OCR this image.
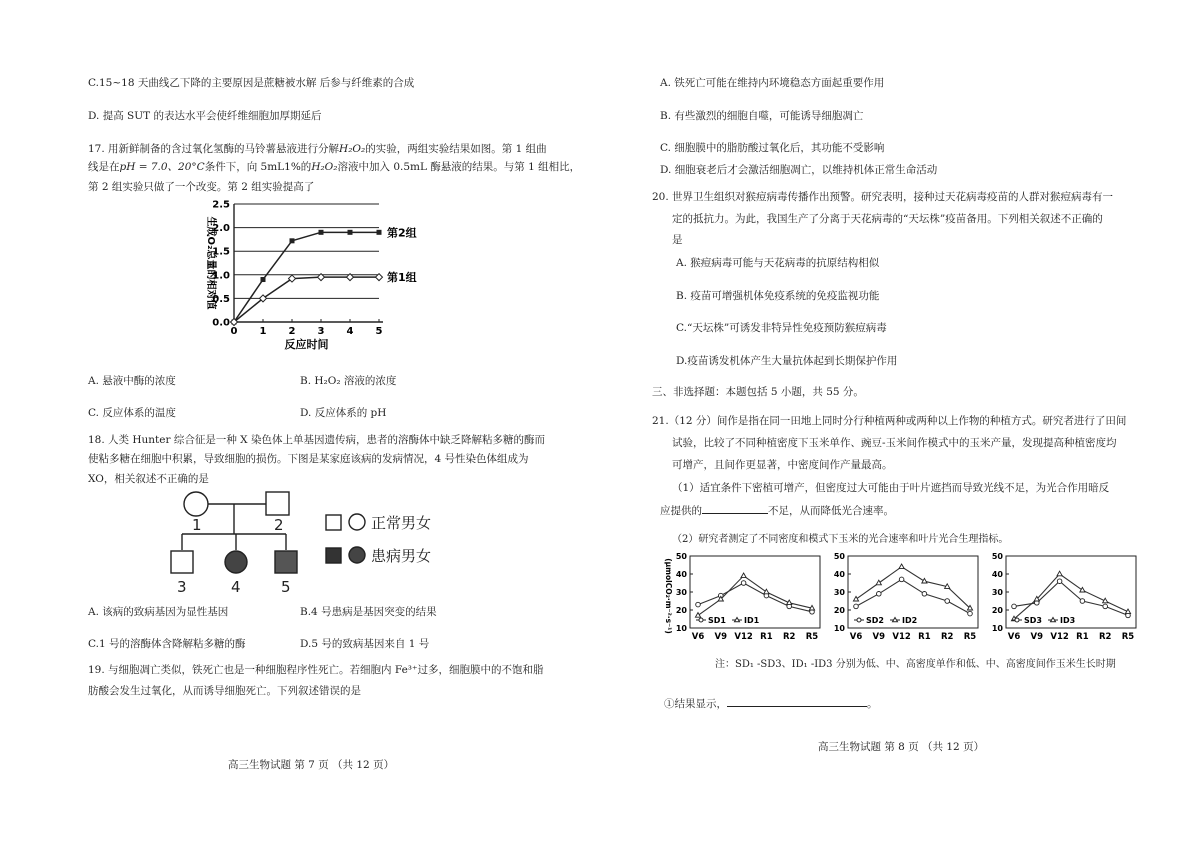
C.15~18 天曲线乙下降的主要原因是蔗糖被水解 后参与纤维素的合成
D. 提高 SUT 的表达水平会使纤维细胞加厚期延后
17. 用新鲜制备的含过氧化氢酶的马铃薯悬液进行分解H₂O₂的实验，两组实验结果如图。第 1 组曲
线是在pH = 7.0、20°C条件下，向 5mL1%的H₂O₂溶液中加入 0.5mL 酶悬液的结果。与第 1 组相比，
第 2 组实验只做了一个改变。第 2 组实验提高了
0.0
0.5
1.0
1.5
2.0
2.5
0 1 2 3 4 5
反应时间
生成O₂总量的相对值	第2组
第1组
A. 悬液中酶的浓度	B. H₂O₂ 溶液的浓度
C. 反应体系的温度	D. 反应体系的 pH
18. 人类 Hunter 综合征是一种 X 染色体上单基因遗传病，患者的溶酶体中缺乏降解粘多糖的酶而
使粘多糖在细胞中积累，导致细胞的损伤。下图是某家庭该病的发病情况，4 号性染色体组成为
XO，相关叙述不正确的是
1	2
3	4	5
正常男女
患病男女
A. 该病的致病基因为显性基因	B.4 号患病是基因突变的结果
C.1 号的溶酶体含降解粘多糖的酶	D.5 号的致病基因来自 1 号
19. 与细胞凋亡类似，铁死亡也是一种细胞程序性死亡。若细胞内 Fe³⁺过多，细胞膜中的不饱和脂
肪酸会发生过氧化，从而诱导细胞死亡。下列叙述错误的是
高三生物试题 第 7 页 （共 12 页）
A. 铁死亡可能在维持内环境稳态方面起重要作用
B. 有些激烈的细胞自噬，可能诱导细胞凋亡
C. 细胞膜中的脂肪酸过氧化后，其功能不受影响
D. 细胞衰老后才会激活细胞凋亡，以维持机体正常生命活动
20. 世界卫生组织对猴痘病毒传播作出预警。研究表明，接种过天花病毒疫苗的人群对猴痘病毒有一
定的抵抗力。为此，我国生产了分离于天花病毒的“天坛株”疫苗备用。下列相关叙述不正确的
是
A. 猴痘病毒可能与天花病毒的抗原结构相似
B. 疫苗可增强机体免疫系统的免疫监视功能
C.“天坛株”可诱发非特异性免疫预防猴痘病毒
D.疫苗诱发机体产生大量抗体起到长期保护作用
三、非选择题：本题包括 5 小题，共 55 分。
21.（12 分）间作是指在同一田地上同时分行种植两种或两种以上作物的种植方式。研究者进行了田间
试验，比较了不同种植密度下玉米单作、豌豆-玉米间作模式中的玉米产量，发现提高种植密度均
可增产，且间作更显著，中密度间作产量最高。
（1）适宜条件下密植可增产，但密度过大可能由于叶片遮挡而导致光线不足，为光合作用暗反
应提供的	不足，从而降低光合速率。
（2）研究者测定了不同密度和模式下玉米的光合速率和叶片光合生理指标。
注：SD₁ -SD3、ID₁ -ID3 分别为低、中、高密度单作和低、中、高密度间作玉米生长时期
①结果显示，	。
高三生物试题 第 8 页 （共 12 页）
10
20
30
40
50
V6 V9 V12 R1 R2 R5
SD1 ID1
10
20
30
40
50
V6 V9 V12 R1 R2 R5
SD2 ID2
10
20
30
40
50
V6 V9 V12 R1 R2 R5
SD3 ID3
(μmolCO₂·m⁻²·s⁻¹)
